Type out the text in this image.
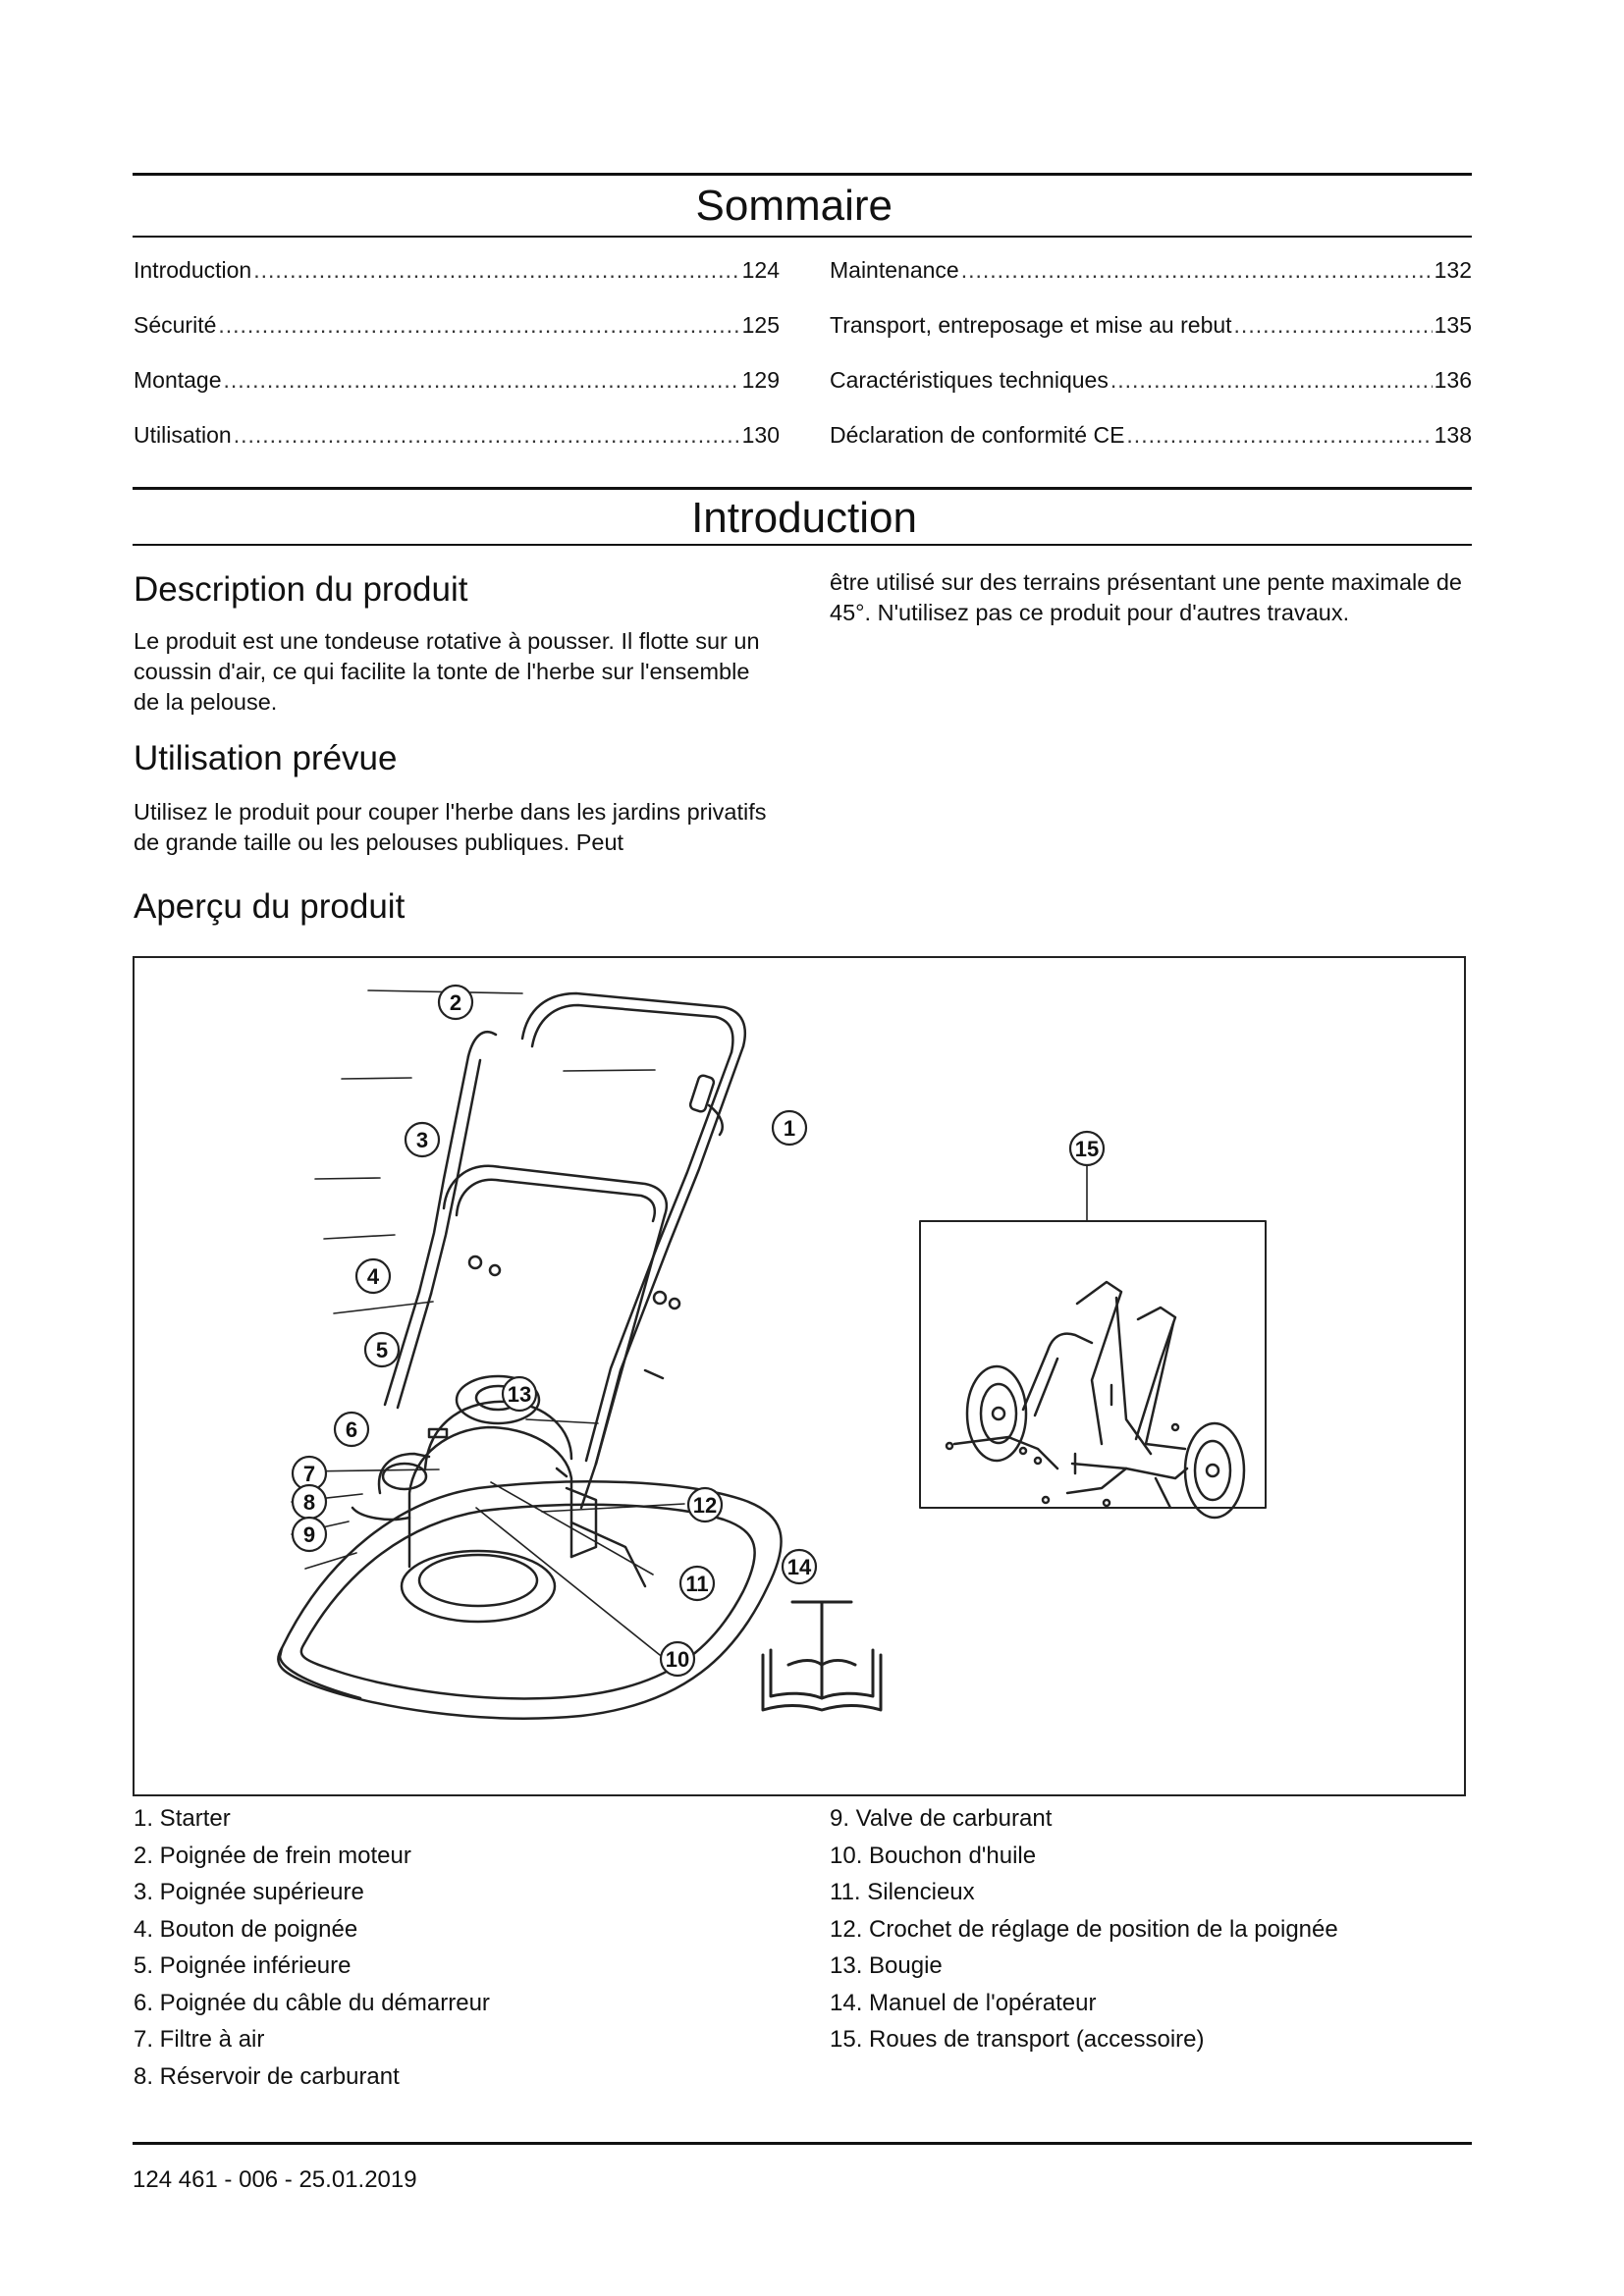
Sommaire
Introduction .....	124
Sécurité .....	125
Montage .....	129
Utilisation .....	130
Maintenance .....	132
Transport, entreposage et mise au rebut .....	135
Caractéristiques techniques .....	136
Déclaration de conformité CE .....	138
Introduction
Description du produit

Le produit est une tondeuse rotative à pousser. Il flotte sur un coussin d'air, ce qui facilite la tonte de l'herbe sur l'ensemble de la pelouse.

Utilisation prévue

Utilisez le produit pour couper l'herbe dans les jardins privatifs de grande taille ou les pelouses publiques. Peut

être utilisé sur des terrains présentant une pente maximale de 45°. N'utilisez pas ce produit pour d'autres travaux.

Aperçu du produit
1
2
3
4
5
6
7
8
9
10
11
12
13
14
15
1. Starter
2. Poignée de frein moteur
3. Poignée supérieure
4. Bouton de poignée
5. Poignée inférieure
6. Poignée du câble du démarreur
7. Filtre à air
8. Réservoir de carburant
9. Valve de carburant
10. Bouchon d'huile
11. Silencieux
12. Crochet de réglage de position de la poignée
13. Bougie
14. Manuel de l'opérateur
15. Roues de transport (accessoire)
124 461 - 006 - 25.01.2019
